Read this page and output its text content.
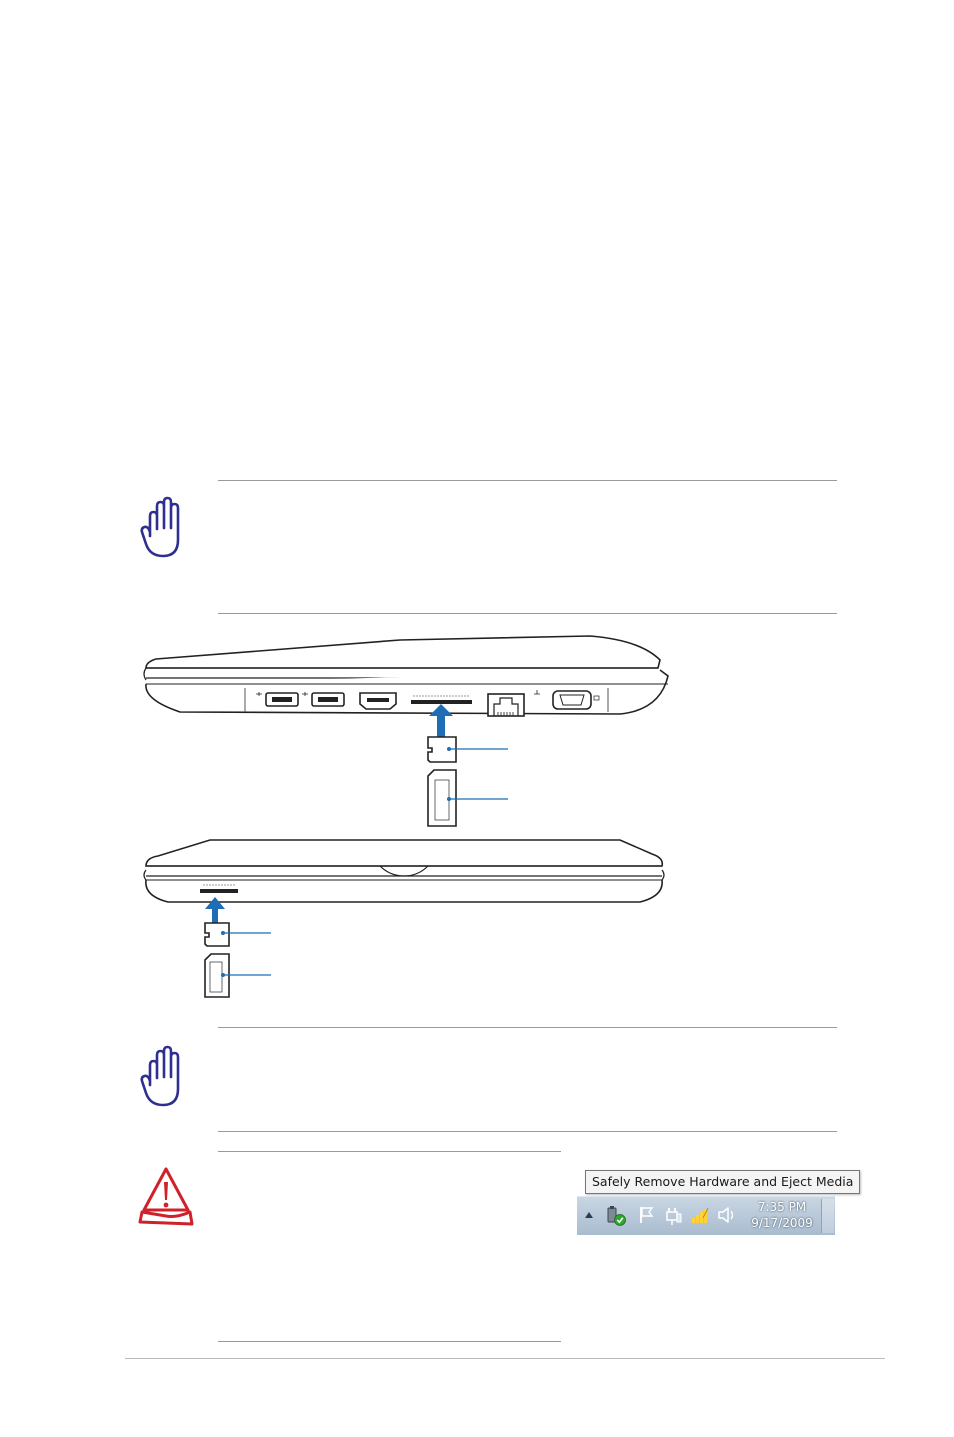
Safely Remove Hardware and Eject Media
7:35 PM
9/17/2009
